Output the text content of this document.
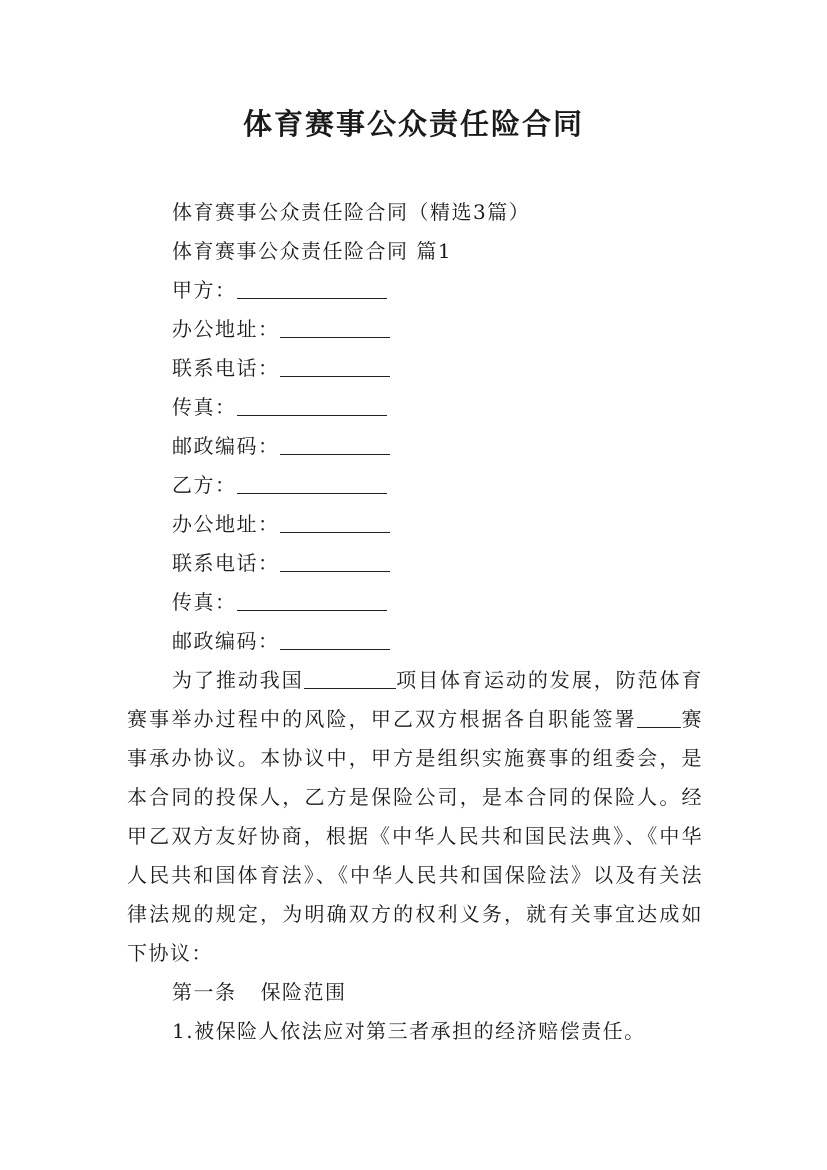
体育赛事公众责任险合同
体育赛事公众责任险合同（精选3篇）
体育赛事公众责任险合同 篇1
甲方：
办公地址：
联系电话：
传真：
邮政编码：
乙方：
办公地址：
联系电话：
传真：
邮政编码：

为了推动我国	项目体育运动的发展，防范体育赛事举办过程中的风险，甲乙双方根据各自职能签署 赛事承办协议。本协议中，甲方是组织实施赛事的组委会，是本合同的投保人，乙方是保险公司，是本合同的保险人。经甲乙双方友好协商，根据《中华人民共和国民法典》、《中华人民共和国体育法》、《中华人民共和国保险法》以及有关法律法规的规定，为明确双方的权利义务，就有关事宜达成如下协议：

第一条 保险范围
1.被保险人依法应对第三者承担的经济赔偿责任。
